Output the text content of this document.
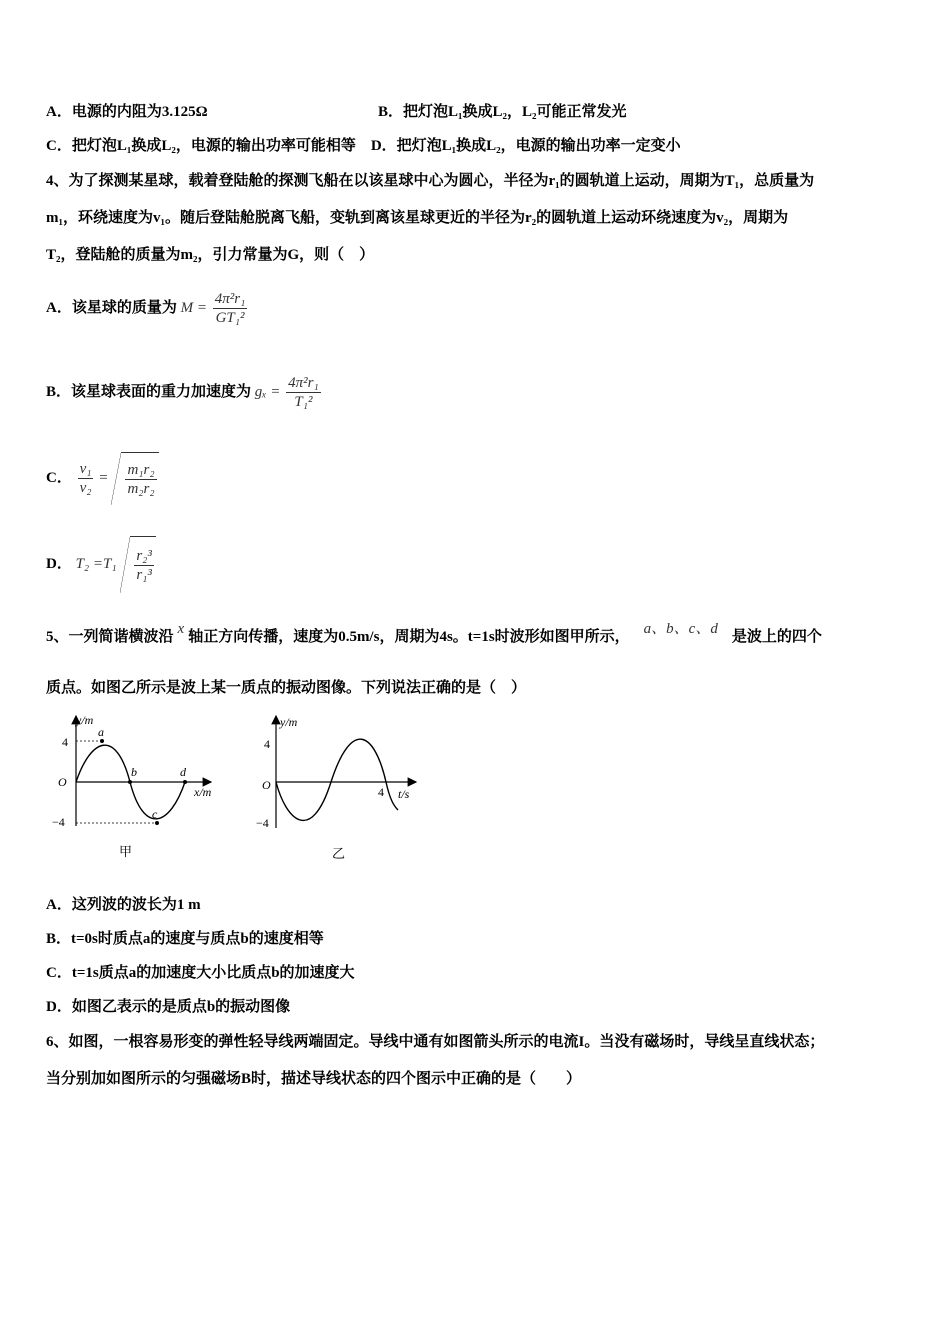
A．电源的内阻为3.125Ω	B．把灯泡L₁换成L₂，L₂可能正常发光
C．把灯泡L₁换成L₂，电源的输出功率可能相等　D．把灯泡L₁换成L₂，电源的输出功率一定变小
4、为了探测某星球，载着登陆舱的探测飞船在以该星球中心为圆心，半径为r₁的圆轨道上运动，周期为T₁，总质量为
m₁，环绕速度为v₁。随后登陆舱脱离飞船，变轨到离该星球更近的半径为r₂的圆轨道上运动环绕速度为v₂，周期为
T₂，登陆舱的质量为m₂，引力常量为G，则（　）
A．该星球的质量为 $M = \frac{\text{4π²r₁}}{\text{GT₁²}}$
B．该星球表面的重力加速度为 $g_x = \frac{\text{4π²r₁}}{\text{T₁²}}$
C． $\frac{\text{v₁}}{\text{v₂}} = \frac{\text{m₁r₂}}{\text{m₂r₂}}$
D． $T_2 =T_1 \frac{\text{r₂³}}{\text{r₁³}}$
5、一列简谐横波沿 x 轴正方向传播，速度为0.5m/s，周期为4s。t=1s时波形如图甲所示， a、b、c、d 是波上的四个
质点。如图乙所示是波上某一质点的振动图像。下列说法正确的是（　）
y/m
x/m
O
4
−4
a
b
c
d
甲
y/m
t/s
O
4
−4
4
乙
A．这列波的波长为1 m
B．t=0s时质点a的速度与质点b的速度相等
C．t=1s质点a的加速度大小比质点b的加速度大
D．如图乙表示的是质点b的振动图像
6、如图，一根容易形变的弹性轻导线两端固定。导线中通有如图箭头所示的电流I。当没有磁场时，导线呈直线状态；
当分别加如图所示的匀强磁场B时，描述导线状态的四个图示中正确的是（　　）
